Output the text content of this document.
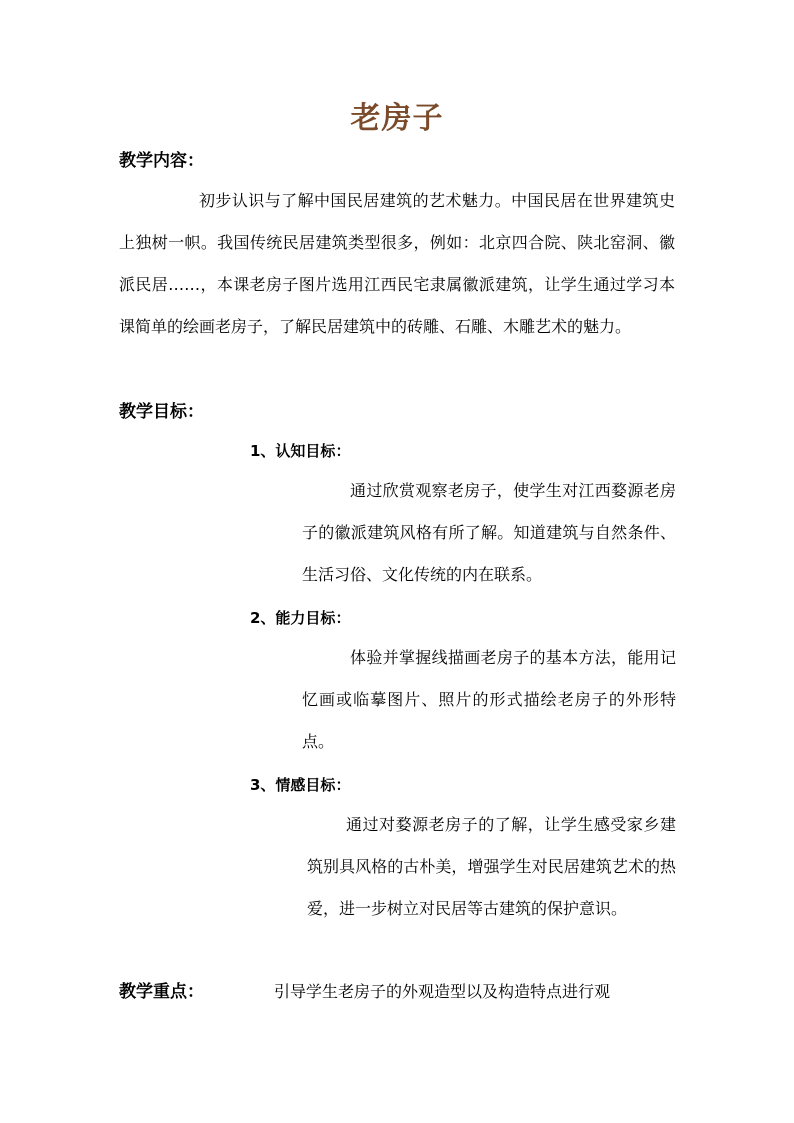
老房子
教学内容：

初步认识与了解中国民居建筑的艺术魅力。中国民居在世界建筑史上独树一帜。我国传统民居建筑类型很多，例如：北京四合院、陕北窑洞、徽派民居……，本课老房子图片选用江西民宅隶属徽派建筑，让学生通过学习本课简单的绘画老房子，了解民居建筑中的砖雕、石雕、木雕艺术的魅力。

教学目标：
1、认知目标：

通过欣赏观察老房子，使学生对江西婺源老房子的徽派建筑风格有所了解。知道建筑与自然条件、生活习俗、文化传统的内在联系。

2、能力目标：

体验并掌握线描画老房子的基本方法，能用记忆画或临摹图片、照片的形式描绘老房子的外形特点。

3、情感目标：

通过对婺源老房子的了解，让学生感受家乡建筑别具风格的古朴美，增强学生对民居建筑艺术的热爱，进一步树立对民居等古建筑的保护意识。

教学重点：	引导学生老房子的外观造型以及构造特点进行观
